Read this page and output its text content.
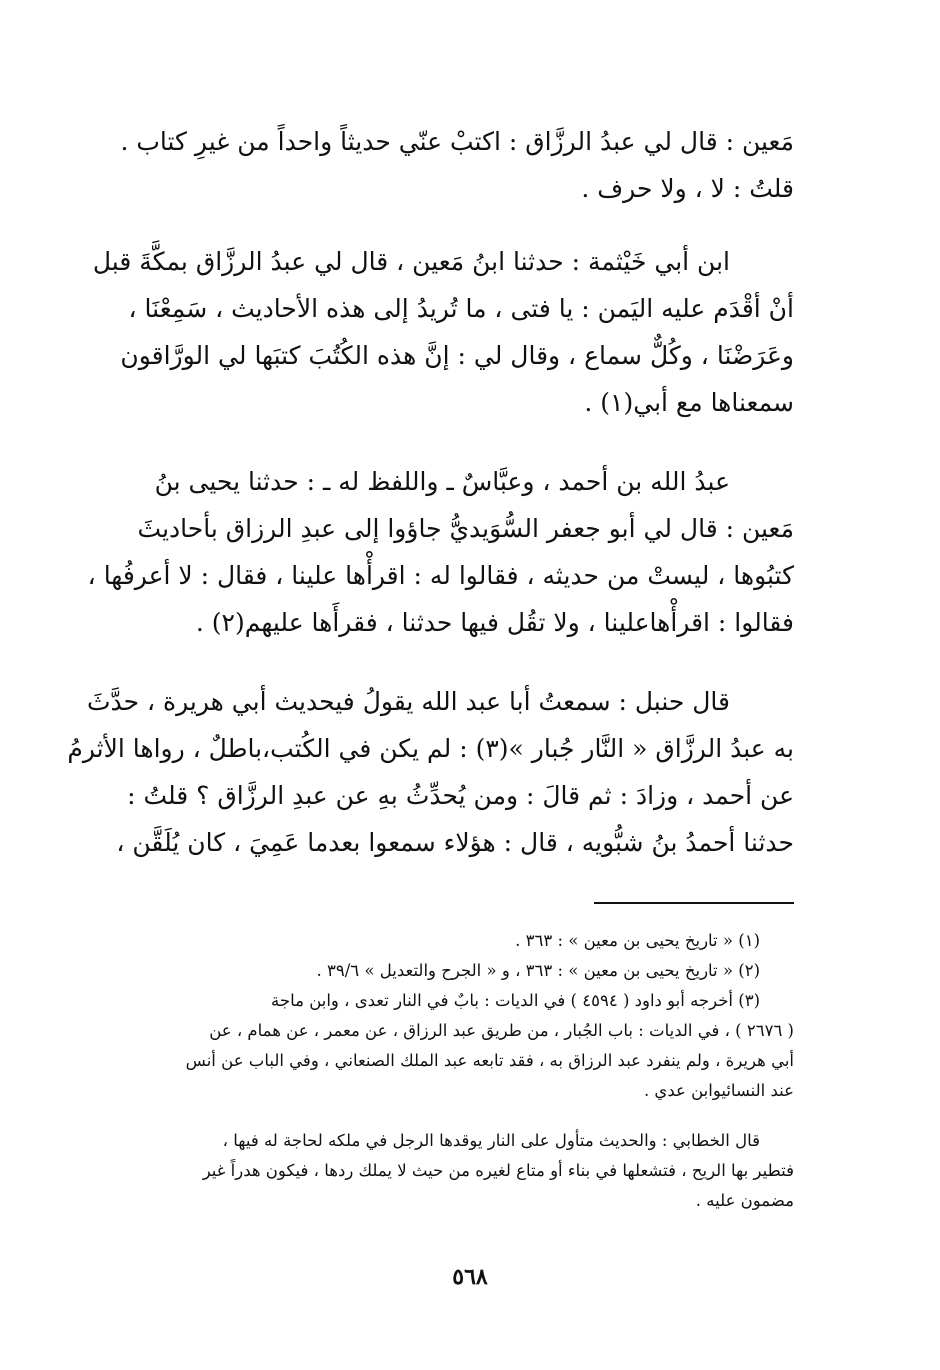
مَعين : قال لي عبدُ الرزَّاق : اكتبْ عنّي حديثاً واحداً من غيرِ كتاب .
قلتُ : لا ، ولا حرف .
ابن أبي خَيْثمة : حدثنا ابنُ مَعين ، قال لي عبدُ الرزَّاق بمكَّةَ قبل
أنْ أقْدَم عليه اليَمن : يا فتى ، ما تُريدُ إلى هذه الأحاديث ، سَمِعْنَا ،
وعَرَضْنَا ، وكُلٌّ سماع ، وقال لي : إنَّ هذه الكُتُبَ كتبَها لي الورَّاقون
سمعناها مع أبي(١) .
عبدُ الله بن أحمد ، وعبَّاسٌ ـ واللفظ له ـ : حدثنا يحيى بنُ
مَعين : قال لي أبو جعفر السُّوَيديُّ جاؤوا إلى عبدِ الرزاق بأحاديثَ
كتبُوها ، ليستْ من حديثه ، فقالوا له : اقرأْها علينا ، فقال : لا أعرفُها ،
فقالوا : اقرأْهاعلينا ، ولا تقُل فيها حدثنا ، فقرأَها عليهم(٢) .
قال حنبل : سمعتُ أبا عبد الله يقولُ فيحديث أبي هريرة ، حدَّثَ
به عبدُ الرزَّاق « النَّار جُبار »(٣) : لم يكن في الكُتب،باطلٌ ، رواها الأثرمُ
عن أحمد ، وزادَ : ثم قالَ : ومن يُحدِّثُ بهِ عن عبدِ الرزَّاق ؟ قلتُ :
حدثنا أحمدُ بنُ شبُّويه ، قال : هؤلاء سمعوا بعدما عَمِيَ ، كان يُلَقَّن ،
(١) « تاريخ يحيى بن معين » : ٣٦٣ .
(٢) « تاريخ يحيى بن معين » : ٣٦٣ ، و « الجرح والتعديل » ٣٩/٦ .
(٣) أخرجه أبو داود ( ٤٥٩٤ ) في الديات : بابٌ في النار تعدى ، وابن ماجة
( ٢٦٧٦ ) ، في الديات : باب الجُبار ، من طريق عبد الرزاق ، عن معمر ، عن همام ، عن
أبي هريرة ، ولم ينفرد عبد الرزاق به ، فقد تابعه عبد الملك الصنعاني ، وفي الباب عن أنس
عند النسائيوابن عدي .
قال الخطابي : والحديث متأول على النار يوقدها الرجل في ملكه لحاجة له فيها ،
فتطير بها الريح ، فتشعلها في بناء أو متاع لغيره من حيث لا يملك ردها ، فيكون هدراً غير
مضمون عليه .
٥٦٨
